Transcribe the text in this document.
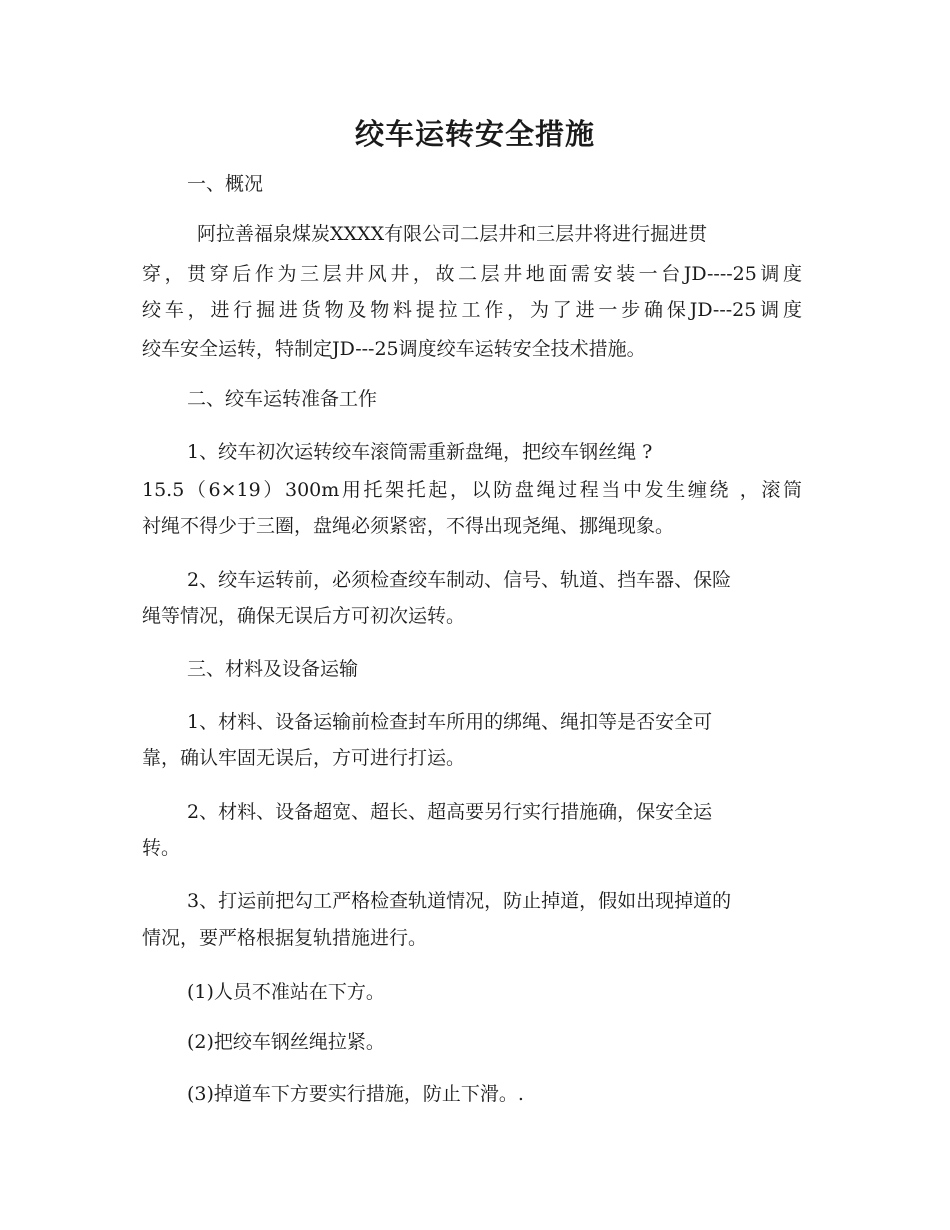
绞车运转安全措施
一、概况
阿拉善福泉煤炭XXXX有限公司二层井和三层井将进行掘进贯
穿，贯穿后作为三层井风井，故二层井地面需安装一台JD----25调度
绞车，进行掘进货物及物料提拉工作，为了进一步确保JD---25调度
绞车安全运转，特制定JD---25调度绞车运转安全技术措施。
二、绞车运转准备工作
1、绞车初次运转绞车滚筒需重新盘绳，把绞车钢丝绳 ?
15.5（6×19）300m用托架托起，以防盘绳过程当中发生缠绕 ，滚筒
衬绳不得少于三圈，盘绳必须紧密，不得出现尧绳、挪绳现象。
2、绞车运转前，必须检查绞车制动、信号、轨道、挡车器、保险
绳等情况，确保无误后方可初次运转。
三、材料及设备运输
1、材料、设备运输前检查封车所用的绑绳、绳扣等是否安全可
靠，确认牢固无误后，方可进行打运。
2、材料、设备超宽、超长、超高要另行实行措施确，保安全运
转。
3、打运前把勾工严格检查轨道情况，防止掉道，假如出现掉道的
情况，要严格根据复轨措施进行。
(1)人员不准站在下方。
(2)把绞车钢丝绳拉紧。
(3)掉道车下方要实行措施，防止下滑。.
